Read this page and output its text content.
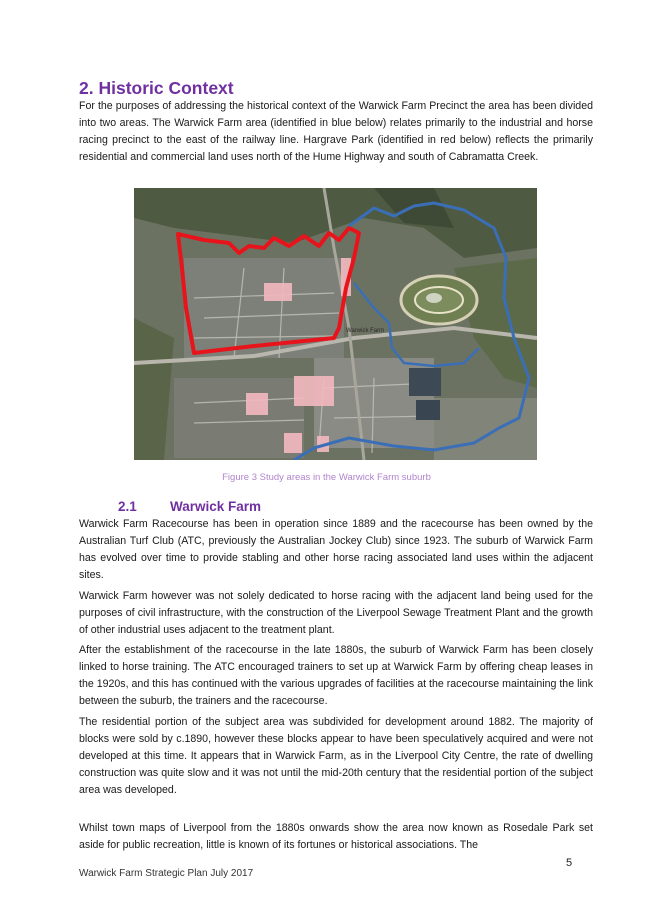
2. Historic Context

For the purposes of addressing the historical context of the Warwick Farm Precinct the area has been divided into two areas. The Warwick Farm area (identified in blue below) relates primarily to the industrial and horse racing precinct to the east of the railway line. Hargrave Park (identified in red below) reflects the primarily residential and commercial land uses north of the Hume Highway and south of Cabramatta Creek.

Warwick Farm
Figure 3 Study areas in the Warwick Farm suburb
2.1 Warwick Farm

Warwick Farm Racecourse has been in operation since 1889 and the racecourse has been owned by the Australian Turf Club (ATC, previously the Australian Jockey Club) since 1923. The suburb of Warwick Farm has evolved over time to provide stabling and other horse racing associated land uses within the adjacent sites.

Warwick Farm however was not solely dedicated to horse racing with the adjacent land being used for the purposes of civil infrastructure, with the construction of the Liverpool Sewage Treatment Plant and the growth of other industrial uses adjacent to the treatment plant.

After the establishment of the racecourse in the late 1880s, the suburb of Warwick Farm has been closely linked to horse training. The ATC encouraged trainers to set up at Warwick Farm by offering cheap leases in the 1920s, and this has continued with the various upgrades of facilities at the racecourse maintaining the link between the suburb, the trainers and the racecourse.

The residential portion of the subject area was subdivided for development around 1882. The majority of blocks were sold by c.1890, however these blocks appear to have been speculatively acquired and were not developed at this time. It appears that in Warwick Farm, as in the Liverpool City Centre, the rate of dwelling construction was quite slow and it was not until the mid-20th century that the residential portion of the subject area was developed.

Whilst town maps of Liverpool from the 1880s onwards show the area now known as Rosedale Park set aside for public recreation, little is known of its fortunes or historical associations. The

5
Warwick Farm Strategic Plan July 2017
